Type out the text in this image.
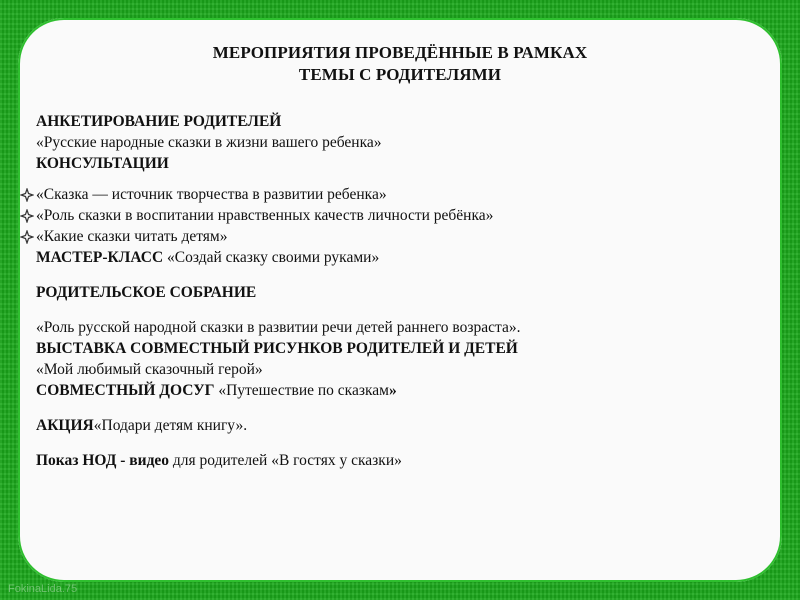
МЕРОПРИЯТИЯ ПРОВЕДЁННЫЕ В РАМКАХ
ТЕМЫ С РОДИТЕЛЯМИ
АНКЕТИРОВАНИЕ РОДИТЕЛЕЙ
«Русские народные сказки в жизни вашего ребенка»
КОНСУЛЬТАЦИИ
«Сказка — источник творчества в развитии ребенка»
«Роль сказки в воспитании нравственных качеств личности ребёнка»
«Какие сказки читать детям»
МАСТЕР-КЛАСС «Создай сказку своими руками»
РОДИТЕЛЬСКОЕ СОБРАНИЕ
«Роль русской народной сказки в развитии речи детей раннего возраста».
ВЫСТАВКА СОВМЕСТНЫЙ РИСУНКОВ РОДИТЕЛЕЙ И ДЕТЕЙ
«Мой любимый сказочный герой»
СОВМЕСТНЫЙ ДОСУГ «Путешествие по сказкам»
АКЦИЯ«Подари детям книгу».
Показ НОД - видео для родителей «В гостях у сказки»
FokinaLida.75
